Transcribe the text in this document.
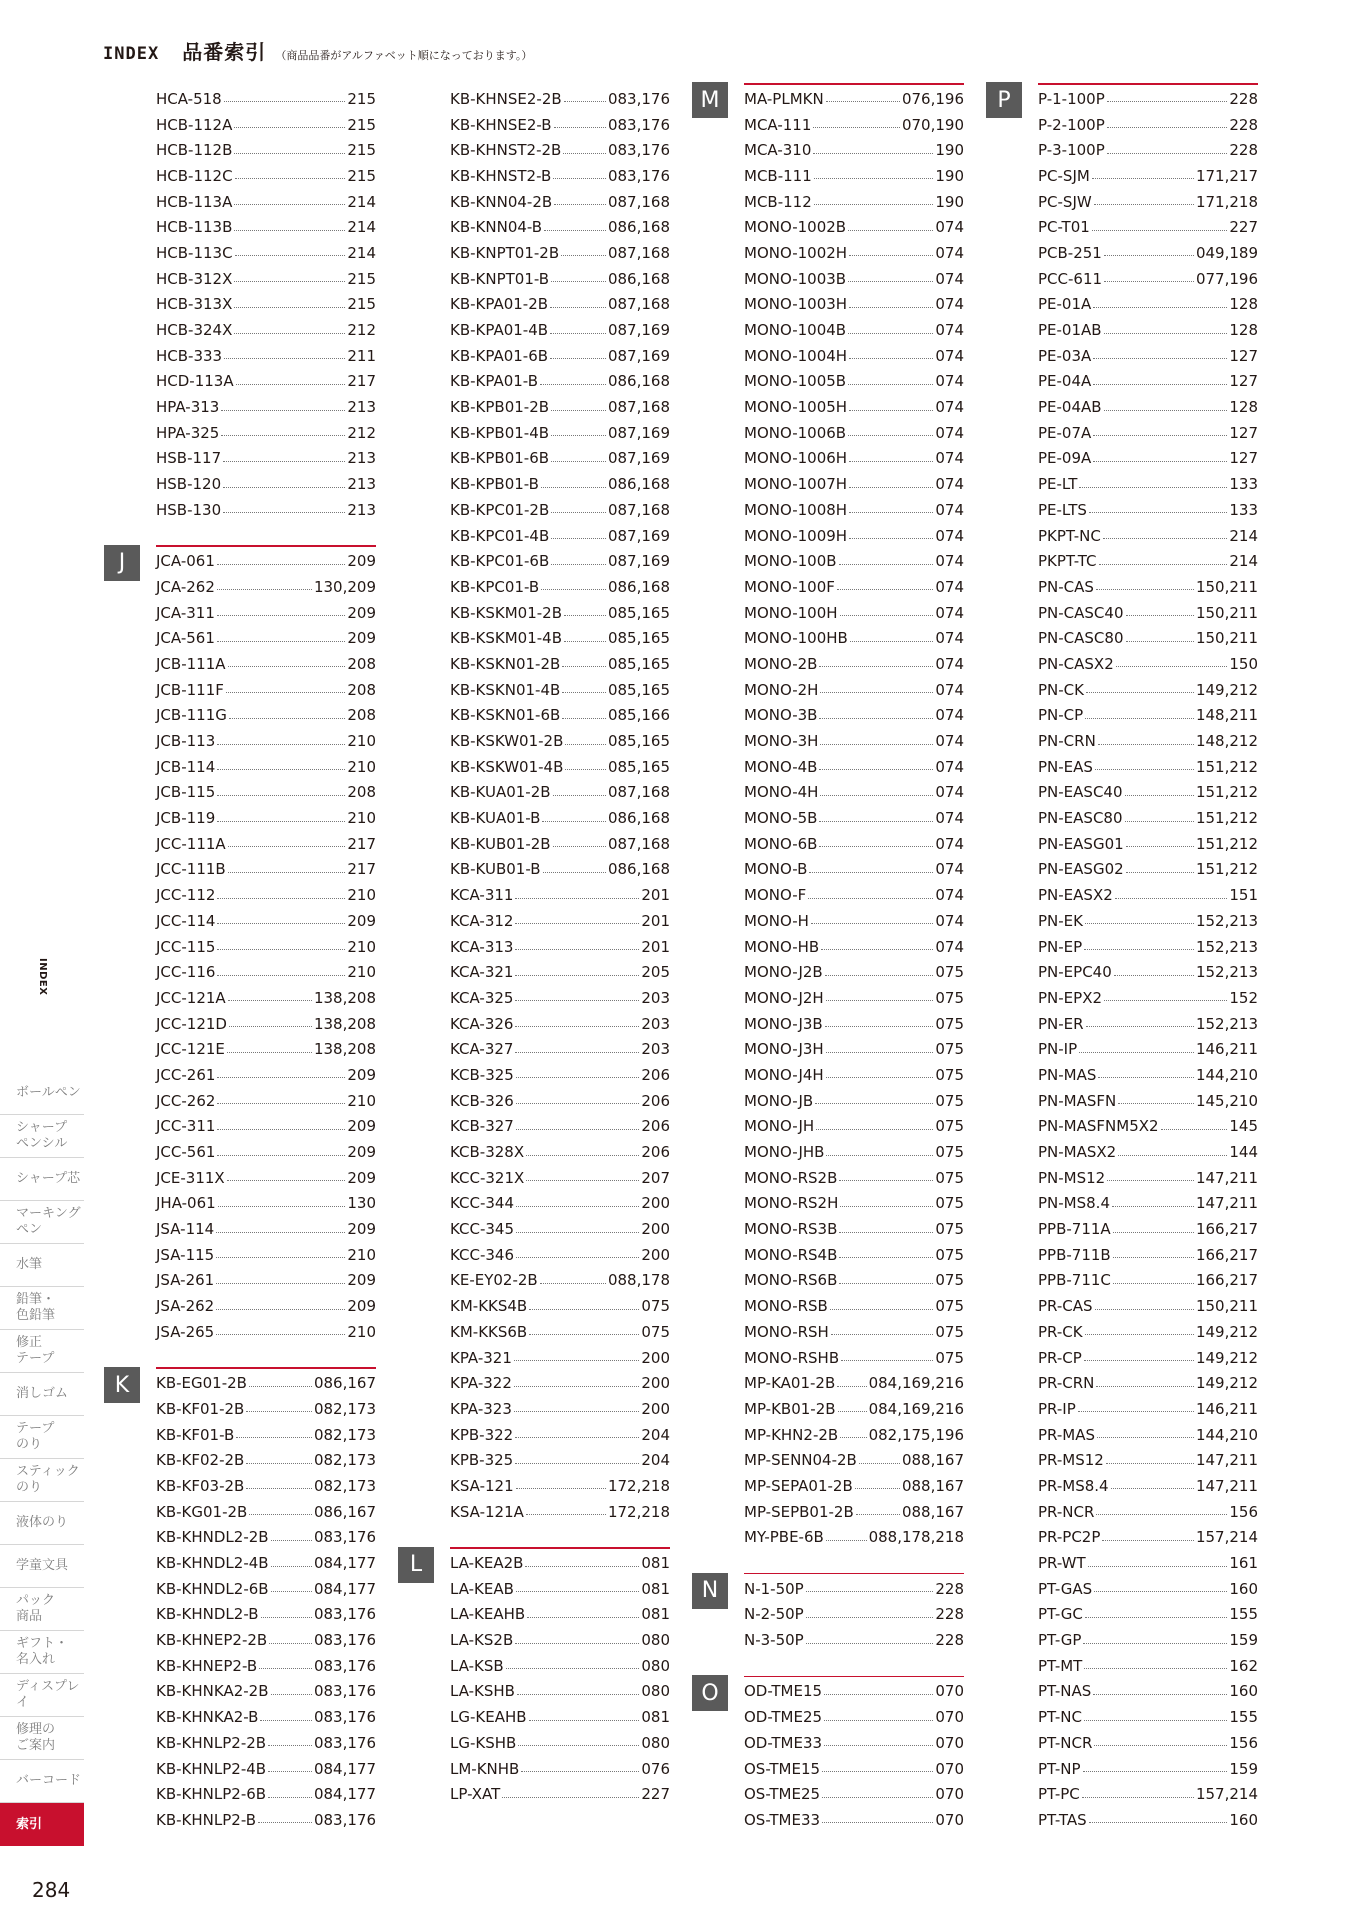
INDEX 品番索引 （商品品番がアルファベット順になっております。）
INDEX
ボールペン
シャープ
ペンシル
シャープ芯
マーキング
ペン
水筆
鉛筆・
色鉛筆
修正
テープ
消しゴム
テープ
のり
スティック
のり
液体のり
学童文具
パック
商品
ギフト・
名入れ
ディスプレイ
修理の
ご案内
バーコード
索引
284
HCA-518	215
HCB-112A	215
HCB-112B	215
HCB-112C	215
HCB-113A	214
HCB-113B	214
HCB-113C	214
HCB-312X	215
HCB-313X	215
HCB-324X	212
HCB-333	211
HCD-113A	217
HPA-313	213
HPA-325	212
HSB-117	213
HSB-120	213
HSB-130	213
JCA-061	209
JCA-262	130,209
JCA-311	209
JCA-561	209
JCB-111A	208
JCB-111F	208
JCB-111G	208
JCB-113	210
JCB-114	210
JCB-115	208
JCB-119	210
JCC-111A	217
JCC-111B	217
JCC-112	210
JCC-114	209
JCC-115	210
JCC-116	210
JCC-121A	138,208
JCC-121D	138,208
JCC-121E	138,208
JCC-261	209
JCC-262	210
JCC-311	209
JCC-561	209
JCE-311X	209
JHA-061	130
JSA-114	209
JSA-115	210
JSA-261	209
JSA-262	209
JSA-265	210
KB-EG01-2B	086,167
KB-KF01-2B	082,173
KB-KF01-B	082,173
KB-KF02-2B	082,173
KB-KF03-2B	082,173
KB-KG01-2B	086,167
KB-KHNDL2-2B	083,176
KB-KHNDL2-4B	084,177
KB-KHNDL2-6B	084,177
KB-KHNDL2-B	083,176
KB-KHNEP2-2B	083,176
KB-KHNEP2-B	083,176
KB-KHNKA2-2B	083,176
KB-KHNKA2-B	083,176
KB-KHNLP2-2B	083,176
KB-KHNLP2-4B	084,177
KB-KHNLP2-6B	084,177
KB-KHNLP2-B	083,176
KB-KHNSE2-2B	083,176
KB-KHNSE2-B	083,176
KB-KHNST2-2B	083,176
KB-KHNST2-B	083,176
KB-KNN04-2B	087,168
KB-KNN04-B	086,168
KB-KNPT01-2B	087,168
KB-KNPT01-B	086,168
KB-KPA01-2B	087,168
KB-KPA01-4B	087,169
KB-KPA01-6B	087,169
KB-KPA01-B	086,168
KB-KPB01-2B	087,168
KB-KPB01-4B	087,169
KB-KPB01-6B	087,169
KB-KPB01-B	086,168
KB-KPC01-2B	087,168
KB-KPC01-4B	087,169
KB-KPC01-6B	087,169
KB-KPC01-B	086,168
KB-KSKM01-2B	085,165
KB-KSKM01-4B	085,165
KB-KSKN01-2B	085,165
KB-KSKN01-4B	085,165
KB-KSKN01-6B	085,166
KB-KSKW01-2B	085,165
KB-KSKW01-4B	085,165
KB-KUA01-2B	087,168
KB-KUA01-B	086,168
KB-KUB01-2B	087,168
KB-KUB01-B	086,168
KCA-311	201
KCA-312	201
KCA-313	201
KCA-321	205
KCA-325	203
KCA-326	203
KCA-327	203
KCB-325	206
KCB-326	206
KCB-327	206
KCB-328X	206
KCC-321X	207
KCC-344	200
KCC-345	200
KCC-346	200
KE-EY02-2B	088,178
KM-KKS4B	075
KM-KKS6B	075
KPA-321	200
KPA-322	200
KPA-323	200
KPB-322	204
KPB-325	204
KSA-121	172,218
KSA-121A	172,218
LA-KEA2B	081
LA-KEAB	081
LA-KEAHB	081
LA-KS2B	080
LA-KSB	080
LA-KSHB	080
LG-KEAHB	081
LG-KSHB	080
LM-KNHB	076
LP-XAT	227
MA-PLMKN	076,196
MCA-111	070,190
MCA-310	190
MCB-111	190
MCB-112	190
MONO-1002B	074
MONO-1002H	074
MONO-1003B	074
MONO-1003H	074
MONO-1004B	074
MONO-1004H	074
MONO-1005B	074
MONO-1005H	074
MONO-1006B	074
MONO-1006H	074
MONO-1007H	074
MONO-1008H	074
MONO-1009H	074
MONO-100B	074
MONO-100F	074
MONO-100H	074
MONO-100HB	074
MONO-2B	074
MONO-2H	074
MONO-3B	074
MONO-3H	074
MONO-4B	074
MONO-4H	074
MONO-5B	074
MONO-6B	074
MONO-B	074
MONO-F	074
MONO-H	074
MONO-HB	074
MONO-J2B	075
MONO-J2H	075
MONO-J3B	075
MONO-J3H	075
MONO-J4H	075
MONO-JB	075
MONO-JH	075
MONO-JHB	075
MONO-RS2B	075
MONO-RS2H	075
MONO-RS3B	075
MONO-RS4B	075
MONO-RS6B	075
MONO-RSB	075
MONO-RSH	075
MONO-RSHB	075
MP-KA01-2B 084,169,216
MP-KB01-2B 084,169,216
MP-KHN2-2B 082,175,196
MP-SENN04-2B	088,167
MP-SEPA01-2B	088,167
MP-SEPB01-2B	088,167
MY-PBE-6B	088,178,218
N-1-50P	228
N-2-50P	228
N-3-50P	228
OD-TME15	070
OD-TME25	070
OD-TME33	070
OS-TME15	070
OS-TME25	070
OS-TME33	070
P-1-100P	228
P-2-100P	228
P-3-100P	228
PC-SJM	171,217
PC-SJW	171,218
PC-T01	227
PCB-251	049,189
PCC-611	077,196
PE-01A	128
PE-01AB	128
PE-03A	127
PE-04A	127
PE-04AB	128
PE-07A	127
PE-09A	127
PE-LT	133
PE-LTS	133
PKPT-NC	214
PKPT-TC	214
PN-CAS	150,211
PN-CASC40	150,211
PN-CASC80	150,211
PN-CASX2	150
PN-CK	149,212
PN-CP	148,211
PN-CRN	148,212
PN-EAS	151,212
PN-EASC40	151,212
PN-EASC80	151,212
PN-EASG01	151,212
PN-EASG02	151,212
PN-EASX2	151
PN-EK	152,213
PN-EP	152,213
PN-EPC40	152,213
PN-EPX2	152
PN-ER	152,213
PN-IP	146,211
PN-MAS	144,210
PN-MASFN	145,210
PN-MASFNM5X2	145
PN-MASX2	144
PN-MS12	147,211
PN-MS8.4	147,211
PPB-711A	166,217
PPB-711B	166,217
PPB-711C	166,217
PR-CAS	150,211
PR-CK	149,212
PR-CP	149,212
PR-CRN	149,212
PR-IP	146,211
PR-MAS	144,210
PR-MS12	147,211
PR-MS8.4	147,211
PR-NCR	156
PR-PC2P	157,214
PR-WT	161
PT-GAS	160
PT-GC	155
PT-GP	159
PT-MT	162
PT-NAS	160
PT-NC	155
PT-NCR	156
PT-NP	159
PT-PC	157,214
PT-TAS	160
J
K
L
M
N
O
P
